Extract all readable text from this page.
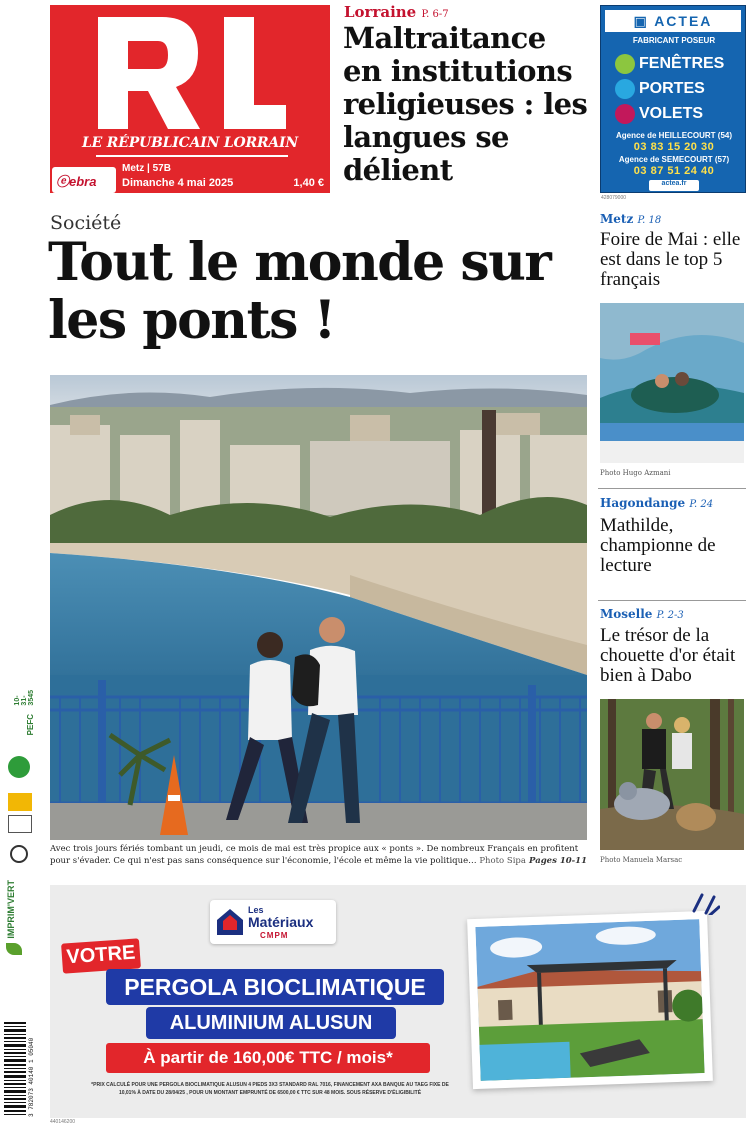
LE RÉPUBLICAIN LORRAIN
ⓔebra
Metz | 57B
Dimanche 4 mai 2025	1,40 €
Lorraine P. 6-7
Maltraitance en institutions religieuses : les langues se délient
▣ ACTEA
FABRICANT POSEUR
FENÊTRES
PORTES
VOLETS
Agence de HEILLECOURT (54)
03 83 15 20 30
Agence de SEMECOURT (57)
03 87 51 24 40
actea.fr
428079000
Société
Tout le monde sur les ponts !
Avec trois jours fériés tombant un jeudi, ce mois de mai est très propice aux « ponts ». De nombreux Français en profitent pour s'évader. Ce qui n'est pas sans conséquence sur l'économie, l'école et même la vie politique… Photo Sipa Pages 10-11
Metz P. 18
Foire de Mai : elle est dans le top 5 français
Photo Hugo Azmani
Hagondange P. 24
Mathilde, championne de lecture
Moselle P. 2-3
Le trésor de la chouette d'or était bien à Dabo
Photo Manuela Marsac
10-31-3545
PEFC
IMPRIM'VERT
3 782073 40140 1 05040
Les
Matériaux
CMPM
VOTRE
PERGOLA BIOCLIMATIQUE
ALUMINIUM ALUSUN
À partir de 160,00€ TTC / mois*
*PRIX CALCULÉ POUR UNE PERGOLA BIOCLIMATIQUE ALUSUN 4 PIEDS 3X3 STANDARD RAL 7016, FINANCEMENT AXA BANQUE AU TAEG FIXE DE 10,01% À DATE DU 28/04/25 , POUR UN MONTANT EMPRUNTÉ DE 6500,00 € TTC SUR 48 MOIS. SOUS RÉSERVE D'ÉLIGIBILITÉ
440146200
